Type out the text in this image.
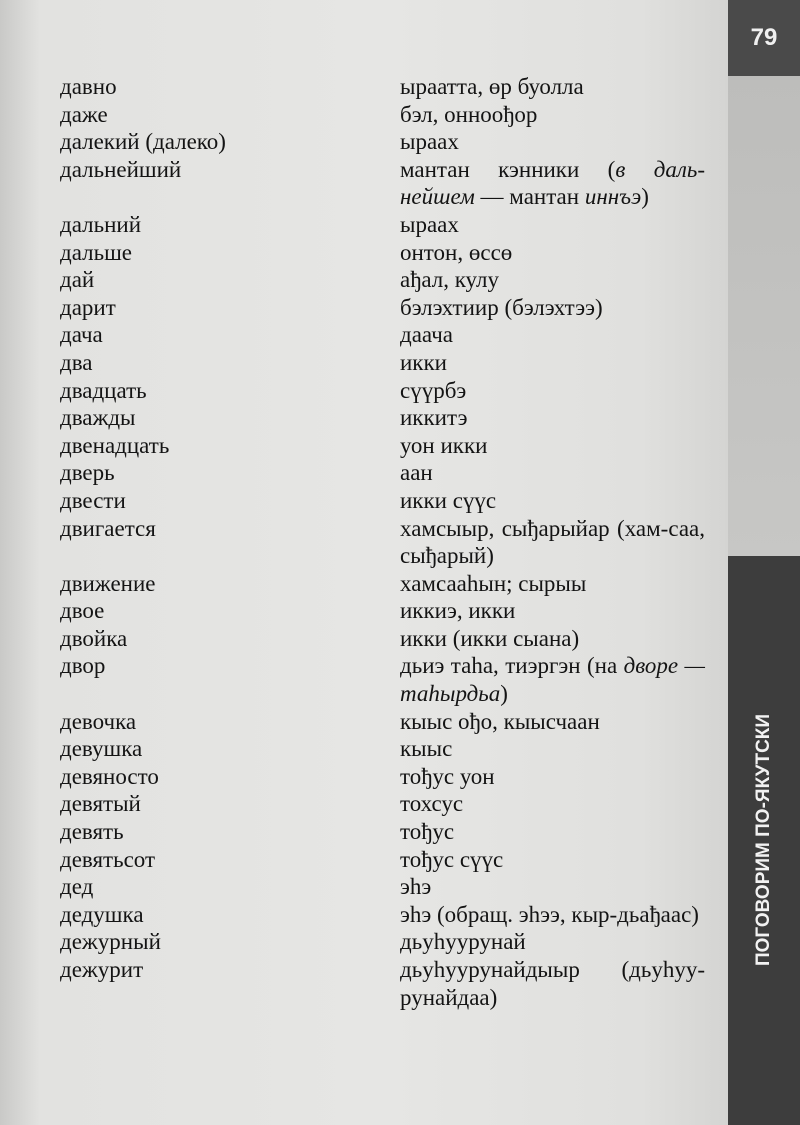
79
ПОГОВОРИМ ПО-ЯКУТСКИ
давно	ыраатта, өр буолла
даже	бэл, онноођор
далекий (далеко)	ыраах
дальнейший	мантан кэнники (в даль-нейшем — мантан иннъэ)
дальний	ыраах
дальше	онтон, өссө
дай	ађал, кулу
дарит	бэлэхтиир (бэлэхтээ)
дача	даача
два	икки
двадцать	сүүрбэ
дважды	иккитэ
двенадцать	уон икки
дверь	аан
двести	икки сүүс
двигается	хамсыыр, сыђарыйар (хам-саа, сыђарый)
движение	хамсааһын; сырыы
двое	иккиэ, икки
двойка	икки (икки сыана)
двор	дьиэ таһа, тиэргэн (на дворе — таһырдьа)
девочка	кыыс ођо, кыысчаан
девушка	кыыс
девяносто	тођус уон
девятый	тохсус
девять	тођус
девятьсот	тођус сүүс
дед	эһэ
дедушка	эһэ (обращ. эһээ, кыр-дьађаас)
дежурный	дьуһуурунай
дежурит	дьуһуурунайдыыр (дьуһуу-рунайдаа)
